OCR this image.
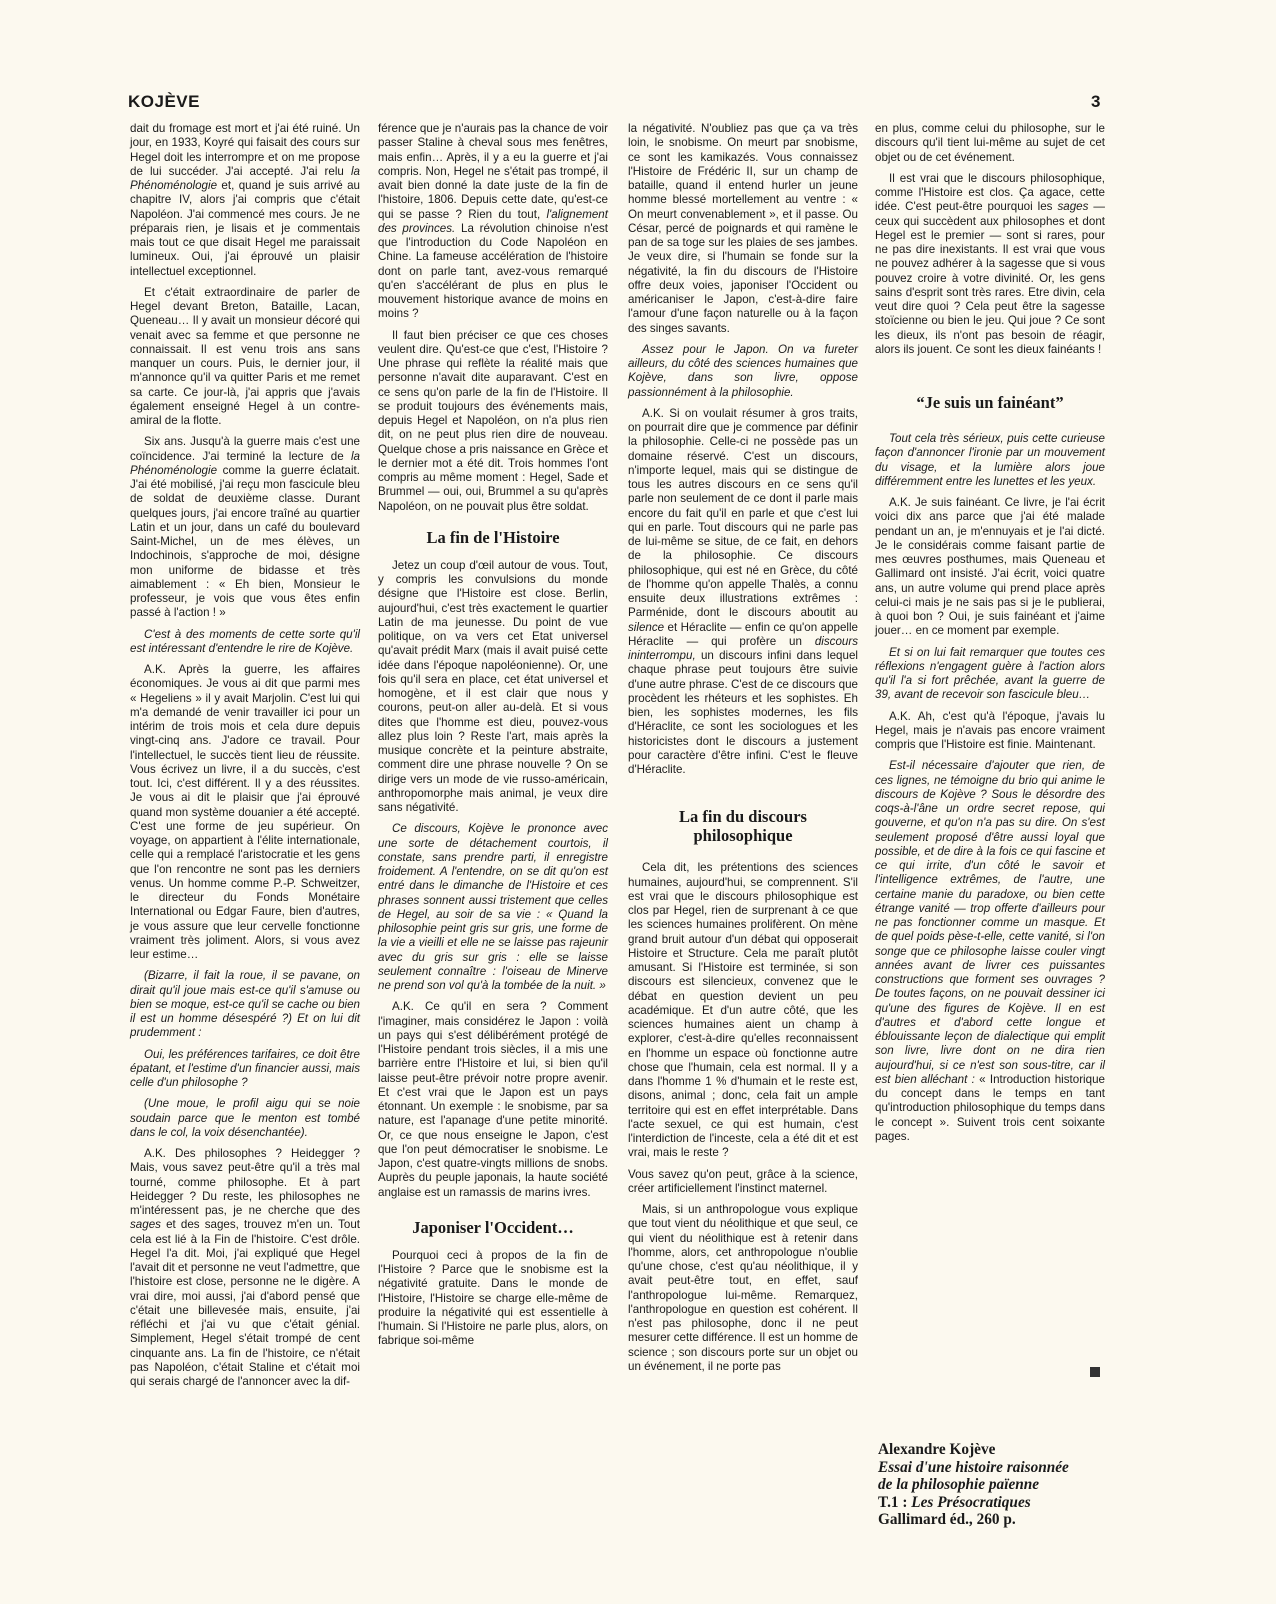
KOJÈVE	3

dait du fromage est mort et j'ai été ruiné. Un jour, en 1933, Koyré qui faisait des cours sur Hegel doit les interrompre et on me propose de lui succéder. J'ai accepté. J'ai relu la Phénoménologie et, quand je suis arrivé au chapitre IV, alors j'ai compris que c'était Napoléon. J'ai commencé mes cours. Je ne préparais rien, je lisais et je commentais mais tout ce que disait Hegel me paraissait lumineux. Oui, j'ai éprouvé un plaisir intellectuel exceptionnel.

Et c'était extraordinaire de parler de Hegel devant Breton, Bataille, Lacan, Queneau… Il y avait un monsieur décoré qui venait avec sa femme et que personne ne connaissait. Il est venu trois ans sans manquer un cours. Puis, le dernier jour, il m'annonce qu'il va quitter Paris et me remet sa carte. Ce jour-là, j'ai appris que j'avais également enseigné Hegel à un contre-amiral de la flotte.

Six ans. Jusqu'à la guerre mais c'est une coïncidence. J'ai terminé la lecture de la Phénoménologie comme la guerre éclatait. J'ai été mobilisé, j'ai reçu mon fascicule bleu de soldat de deuxième classe. Durant quelques jours, j'ai encore traîné au quartier Latin et un jour, dans un café du boulevard Saint-Michel, un de mes élèves, un Indochinois, s'approche de moi, désigne mon uniforme de bidasse et très aimablement : « Eh bien, Monsieur le professeur, je vois que vous êtes enfin passé à l'action ! »

C'est à des moments de cette sorte qu'il est intéressant d'entendre le rire de Kojève.

A.K. Après la guerre, les affaires économiques. Je vous ai dit que parmi mes « Hegeliens » il y avait Marjolin. C'est lui qui m'a demandé de venir travailler ici pour un intérim de trois mois et cela dure depuis vingt-cinq ans. J'adore ce travail. Pour l'intellectuel, le succès tient lieu de réussite. Vous écrivez un livre, il a du succès, c'est tout. Ici, c'est différent. Il y a des réussites. Je vous ai dit le plaisir que j'ai éprouvé quand mon système douanier a été accepté. C'est une forme de jeu supérieur. On voyage, on appartient à l'élite internationale, celle qui a remplacé l'aristocratie et les gens que l'on rencontre ne sont pas les derniers venus. Un homme comme P.-P. Schweitzer, le directeur du Fonds Monétaire International ou Edgar Faure, bien d'autres, je vous assure que leur cervelle fonctionne vraiment très joliment. Alors, si vous avez leur estime…

(Bizarre, il fait la roue, il se pavane, on dirait qu'il joue mais est-ce qu'il s'amuse ou bien se moque, est-ce qu'il se cache ou bien il est un homme désespéré ?) Et on lui dit prudemment :

Oui, les préférences tarifaires, ce doit être épatant, et l'estime d'un financier aussi, mais celle d'un philosophe ?

(Une moue, le profil aigu qui se noie soudain parce que le menton est tombé dans le col, la voix désenchantée).

A.K. Des philosophes ? Heidegger ? Mais, vous savez peut-être qu'il a très mal tourné, comme philosophe. Et à part Heidegger ? Du reste, les philosophes ne m'intéressent pas, je ne cherche que des sages et des sages, trouvez m'en un. Tout cela est lié à la Fin de l'histoire. C'est drôle. Hegel l'a dit. Moi, j'ai expliqué que Hegel l'avait dit et personne ne veut l'admettre, que l'histoire est close, personne ne le digère. A vrai dire, moi aussi, j'ai d'abord pensé que c'était une billevesée mais, ensuite, j'ai réfléchi et j'ai vu que c'était génial. Simplement, Hegel s'était trompé de cent cinquante ans. La fin de l'histoire, ce n'était pas Napoléon, c'était Staline et c'était moi qui serais chargé de l'annoncer avec la dif-

férence que je n'aurais pas la chance de voir passer Staline à cheval sous mes fenêtres, mais enfin… Après, il y a eu la guerre et j'ai compris. Non, Hegel ne s'était pas trompé, il avait bien donné la date juste de la fin de l'histoire, 1806. Depuis cette date, qu'est-ce qui se passe ? Rien du tout, l'alignement des provinces. La révolution chinoise n'est que l'introduction du Code Napoléon en Chine. La fameuse accélération de l'histoire dont on parle tant, avez-vous remarqué qu'en s'accélérant de plus en plus le mouvement historique avance de moins en moins ?

Il faut bien préciser ce que ces choses veulent dire. Qu'est-ce que c'est, l'Histoire ? Une phrase qui reflète la réalité mais que personne n'avait dite auparavant. C'est en ce sens qu'on parle de la fin de l'Histoire. Il se produit toujours des événements mais, depuis Hegel et Napoléon, on n'a plus rien dit, on ne peut plus rien dire de nouveau. Quelque chose a pris naissance en Grèce et le dernier mot a été dit. Trois hommes l'ont compris au même moment : Hegel, Sade et Brummel — oui, oui, Brummel a su qu'après Napoléon, on ne pouvait plus être soldat.

La fin de l'Histoire

Jetez un coup d'œil autour de vous. Tout, y compris les convulsions du monde désigne que l'Histoire est close. Berlin, aujourd'hui, c'est très exactement le quartier Latin de ma jeunesse. Du point de vue politique, on va vers cet Etat universel qu'avait prédit Marx (mais il avait puisé cette idée dans l'époque napoléonienne). Or, une fois qu'il sera en place, cet état universel et homogène, et il est clair que nous y courons, peut-on aller au-delà. Et si vous dites que l'homme est dieu, pouvez-vous allez plus loin ? Reste l'art, mais après la musique concrète et la peinture abstraite, comment dire une phrase nouvelle ? On se dirige vers un mode de vie russo-américain, anthropomorphe mais animal, je veux dire sans négativité.

Ce discours, Kojève le prononce avec une sorte de détachement courtois, il constate, sans prendre parti, il enregistre froidement. A l'entendre, on se dit qu'on est entré dans le dimanche de l'Histoire et ces phrases sonnent aussi tristement que celles de Hegel, au soir de sa vie : « Quand la philosophie peint gris sur gris, une forme de la vie a vieilli et elle ne se laisse pas rajeunir avec du gris sur gris : elle se laisse seulement connaître : l'oiseau de Minerve ne prend son vol qu'à la tombée de la nuit. »

A.K. Ce qu'il en sera ? Comment l'imaginer, mais considérez le Japon : voilà un pays qui s'est délibérément protégé de l'Histoire pendant trois siècles, il a mis une barrière entre l'Histoire et lui, si bien qu'il laisse peut-être prévoir notre propre avenir. Et c'est vrai que le Japon est un pays étonnant. Un exemple : le snobisme, par sa nature, est l'apanage d'une petite minorité. Or, ce que nous enseigne le Japon, c'est que l'on peut démocratiser le snobisme. Le Japon, c'est quatre-vingts millions de snobs. Auprès du peuple japonais, la haute société anglaise est un ramassis de marins ivres.

Japoniser l'Occident…

Pourquoi ceci à propos de la fin de l'Histoire ? Parce que le snobisme est la négativité gratuite. Dans le monde de l'Histoire, l'Histoire se charge elle-même de produire la négativité qui est essentielle à l'humain. Si l'Histoire ne parle plus, alors, on fabrique soi-même

la négativité. N'oubliez pas que ça va très loin, le snobisme. On meurt par snobisme, ce sont les kamikazés. Vous connaissez l'Histoire de Frédéric II, sur un champ de bataille, quand il entend hurler un jeune homme blessé mortellement au ventre : « On meurt convenablement », et il passe. Ou César, percé de poignards et qui ramène le pan de sa toge sur les plaies de ses jambes. Je veux dire, si l'humain se fonde sur la négativité, la fin du discours de l'Histoire offre deux voies, japoniser l'Occident ou américaniser le Japon, c'est-à-dire faire l'amour d'une façon naturelle ou à la façon des singes savants.

Assez pour le Japon. On va fureter ailleurs, du côté des sciences humaines que Kojève, dans son livre, oppose passionnément à la philosophie.

A.K. Si on voulait résumer à gros traits, on pourrait dire que je commence par définir la philosophie. Celle-ci ne possède pas un domaine réservé. C'est un discours, n'importe lequel, mais qui se distingue de tous les autres discours en ce sens qu'il parle non seulement de ce dont il parle mais encore du fait qu'il en parle et que c'est lui qui en parle. Tout discours qui ne parle pas de lui-même se situe, de ce fait, en dehors de la philosophie. Ce discours philosophique, qui est né en Grèce, du côté de l'homme qu'on appelle Thalès, a connu ensuite deux illustrations extrêmes : Parménide, dont le discours aboutit au silence et Héraclite — enfin ce qu'on appelle Héraclite — qui profère un discours ininterrompu, un discours infini dans lequel chaque phrase peut toujours être suivie d'une autre phrase. C'est de ce discours que procèdent les rhéteurs et les sophistes. Eh bien, les sophistes modernes, les fils d'Héraclite, ce sont les sociologues et les historicistes dont le discours a justement pour caractère d'être infini. C'est le fleuve d'Héraclite.

La fin du discours philosophique

Cela dit, les prétentions des sciences humaines, aujourd'hui, se comprennent. S'il est vrai que le discours philosophique est clos par Hegel, rien de surprenant à ce que les sciences humaines prolifèrent. On mène grand bruit autour d'un débat qui opposerait Histoire et Structure. Cela me paraît plutôt amusant. Si l'Histoire est terminée, si son discours est silencieux, convenez que le débat en question devient un peu académique. Et d'un autre côté, que les sciences humaines aient un champ à explorer, c'est-à-dire qu'elles reconnaissent en l'homme un espace où fonctionne autre chose que l'humain, cela est normal. Il y a dans l'homme 1 % d'humain et le reste est, disons, animal ; donc, cela fait un ample territoire qui est en effet interprétable. Dans l'acte sexuel, ce qui est humain, c'est l'interdiction de l'inceste, cela a été dit et est vrai, mais le reste ?

Vous savez qu'on peut, grâce à la science, créer artificiellement l'instinct maternel.

Mais, si un anthropologue vous explique que tout vient du néolithique et que seul, ce qui vient du néolithique est à retenir dans l'homme, alors, cet anthropologue n'oublie qu'une chose, c'est qu'au néolithique, il y avait peut-être tout, en effet, sauf l'anthropologue lui-même. Remarquez, l'anthropologue en question est cohérent. Il n'est pas philosophe, donc il ne peut mesurer cette différence. Il est un homme de science ; son discours porte sur un objet ou un événement, il ne porte pas

en plus, comme celui du philosophe, sur le discours qu'il tient lui-même au sujet de cet objet ou de cet événement.

Il est vrai que le discours philosophique, comme l'Histoire est clos. Ça agace, cette idée. C'est peut-être pourquoi les sages — ceux qui succèdent aux philosophes et dont Hegel est le premier — sont si rares, pour ne pas dire inexistants. Il est vrai que vous ne pouvez adhérer à la sagesse que si vous pouvez croire à votre divinité. Or, les gens sains d'esprit sont très rares. Etre divin, cela veut dire quoi ? Cela peut être la sagesse stoïcienne ou bien le jeu. Qui joue ? Ce sont les dieux, ils n'ont pas besoin de réagir, alors ils jouent. Ce sont les dieux fainéants !

“Je suis un fainéant”

Tout cela très sérieux, puis cette curieuse façon d'annoncer l'ironie par un mouvement du visage, et la lumière alors joue différemment entre les lunettes et les yeux.

A.K. Je suis fainéant. Ce livre, je l'ai écrit voici dix ans parce que j'ai été malade pendant un an, je m'ennuyais et je l'ai dicté. Je le considérais comme faisant partie de mes œuvres posthumes, mais Queneau et Gallimard ont insisté. J'ai écrit, voici quatre ans, un autre volume qui prend place après celui-ci mais je ne sais pas si je le publierai, à quoi bon ? Oui, je suis fainéant et j'aime jouer… en ce moment par exemple.

Et si on lui fait remarquer que toutes ces réflexions n'engagent guère à l'action alors qu'il l'a si fort prêchée, avant la guerre de 39, avant de recevoir son fascicule bleu…

A.K. Ah, c'est qu'à l'époque, j'avais lu Hegel, mais je n'avais pas encore vraiment compris que l'Histoire est finie. Maintenant.

Est-il nécessaire d'ajouter que rien, de ces lignes, ne témoigne du brio qui anime le discours de Kojève ? Sous le désordre des coqs-à-l'âne un ordre secret repose, qui gouverne, et qu'on n'a pas su dire. On s'est seulement proposé d'être aussi loyal que possible, et de dire à la fois ce qui fascine et ce qui irrite, d'un côté le savoir et l'intelligence extrêmes, de l'autre, une certaine manie du paradoxe, ou bien cette étrange vanité — trop offerte d'ailleurs pour ne pas fonctionner comme un masque. Et de quel poids pèse-t-elle, cette vanité, si l'on songe que ce philosophe laisse couler vingt années avant de livrer ces puissantes constructions que forment ses ouvrages ? De toutes façons, on ne pouvait dessiner ici qu'une des figures de Kojève. Il en est d'autres et d'abord cette longue et éblouissante leçon de dialectique qui emplit son livre, livre dont on ne dira rien aujourd'hui, si ce n'est son sous-titre, car il est bien alléchant : « Introduction historique du concept dans le temps en tant qu'introduction philosophique du temps dans le concept ». Suivent trois cent soixante pages.

Alexandre Kojève
Essai d'une histoire raisonnée
de la philosophie païenne
T.1 : Les Présocratiques
Gallimard éd., 260 p.
